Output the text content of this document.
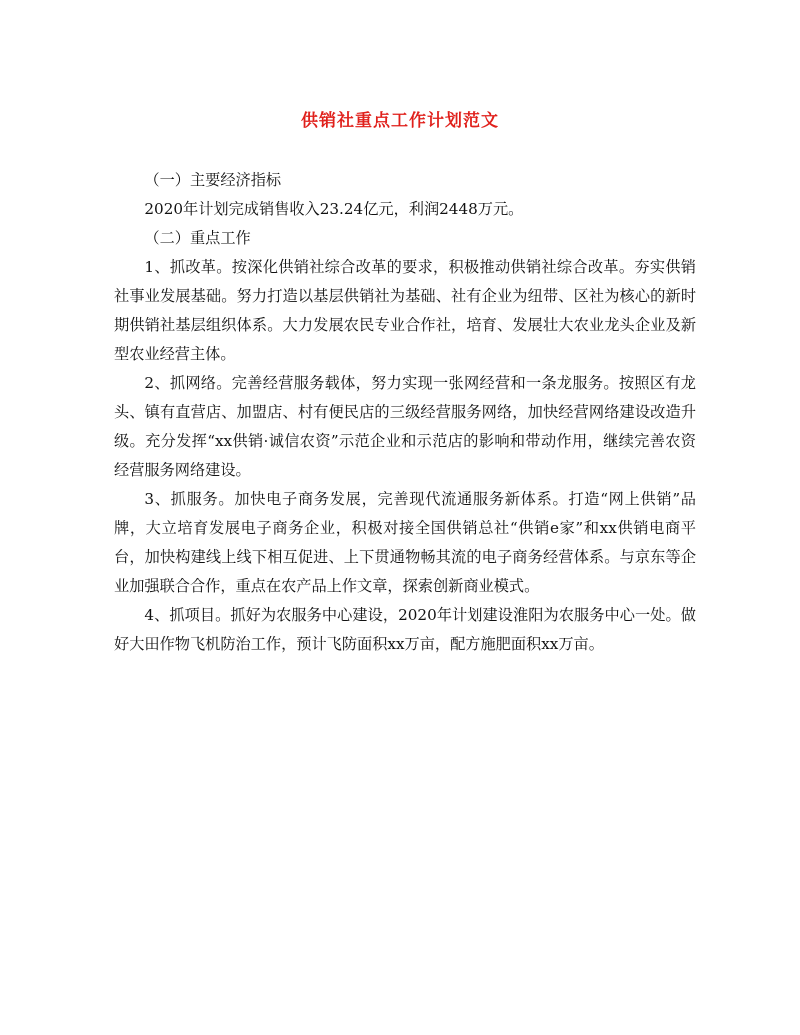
供销社重点工作计划范文

（一）主要经济指标

2020年计划完成销售收入23.24亿元，利润2448万元。

（二）重点工作

1、抓改革。按深化供销社综合改革的要求，积极推动供销社综合改革。夯实供销社事业发展基础。努力打造以基层供销社为基础、社有企业为纽带、区社为核心的新时期供销社基层组织体系。大力发展农民专业合作社，培育、发展壮大农业龙头企业及新型农业经营主体。

2、抓网络。完善经营服务载体，努力实现一张网经营和一条龙服务。按照区有龙头、镇有直营店、加盟店、村有便民店的三级经营服务网络，加快经营网络建设改造升级。充分发挥“xx供销·诚信农资”示范企业和示范店的影响和带动作用，继续完善农资经营服务网络建设。

3、抓服务。加快电子商务发展，完善现代流通服务新体系。打造“网上供销”品牌，大立培育发展电子商务企业，积极对接全国供销总社“供销e家”和xx供销电商平台，加快构建线上线下相互促进、上下贯通物畅其流的电子商务经营体系。与京东等企业加强联合合作，重点在农产品上作文章，探索创新商业模式。

4、抓项目。抓好为农服务中心建设，2020年计划建设淮阳为农服务中心一处。做好大田作物飞机防治工作，预计飞防面积xx万亩，配方施肥面积xx万亩。
